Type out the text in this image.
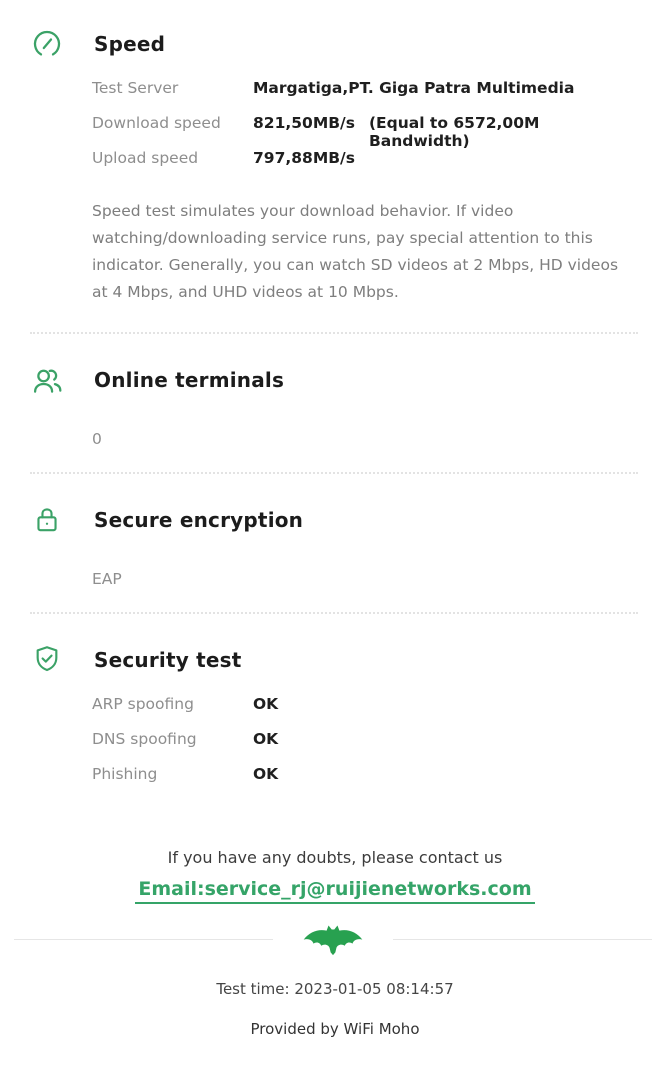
Speed
Test Server	Margatiga,PT. Giga Patra Multimedia
Download speed	821,50MB/s (Equal to 6572,00M Bandwidth)
Upload speed	797,88MB/s

Speed test simulates your download behavior. If video watching/downloading service runs, pay special attention to this indicator. Generally, you can watch SD videos at 2 Mbps, HD videos at 4 Mbps, and UHD videos at 10 Mbps.

Online terminals
0
Secure encryption
EAP
Security test
ARP spoofing	OK
DNS spoofing	OK
Phishing	OK
If you have any doubts, please contact us
Email:service_rj@ruijienetworks.com
Test time: 2023-01-05 08:14:57
Provided by WiFi Moho
